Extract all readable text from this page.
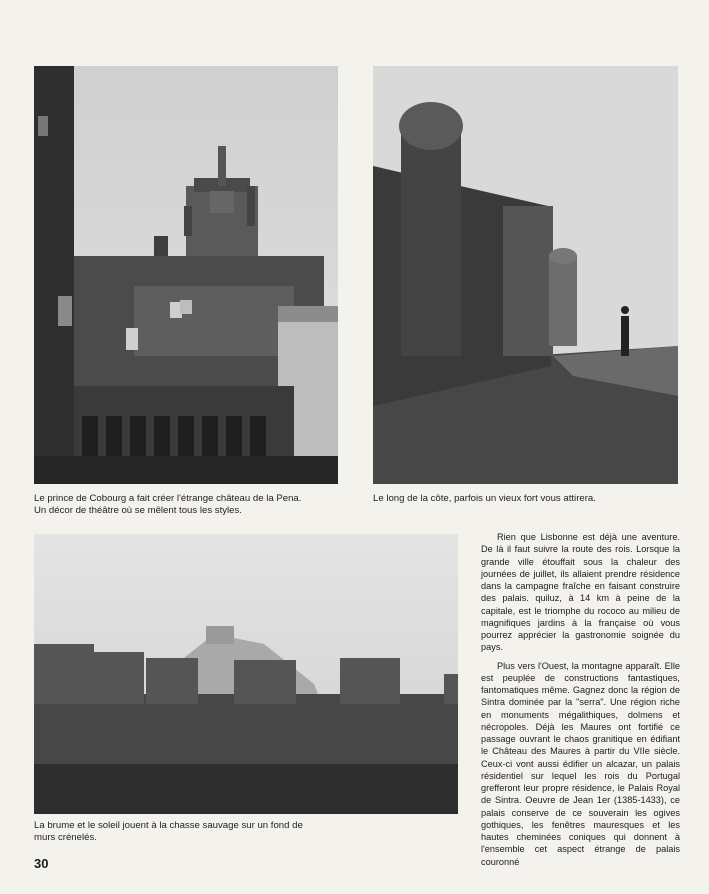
Le prince de Cobourg a fait créer l'étrange château de la Pena.
Un décor de théâtre où se mêlent tous les styles.
Le long de la côte, parfois un vieux fort vous attirera.
La brume et le soleil jouent à la chasse sauvage sur un fond de
murs crénelés.

Rien que Lisbonne est déjà une aventure. De là il faut suivre la route des rois. Lorsque la grande ville étouffait sous la chaleur des journées de juillet, ils allaient prendre résidence dans la campagne fraîche en faisant construire des palais. quiluz, à 14 km à peine de la capitale, est le triomphe du rococo au milieu de magnifiques jardins à la française où vous pourrez apprécier la gastronomie soignée du pays.

Plus vers l'Ouest, la montagne apparaît. Elle est peuplée de constructions fantastiques, fantomatiques même. Gagnez donc la région de Sintra dominée par la "serra". Une région riche en monuments mégalithiques, dolmens et nécropoles. Déjà les Maures ont fortifié ce passage ouvrant le chaos granitique en édifiant le Château des Maures à partir du VIIe siècle. Ceux-ci vont aussi édifier un alcazar, un palais résidentiel sur lequel les rois du Portugal grefferont leur propre résidence, le Palais Royal de Sintra. Oeuvre de Jean 1er (1385-1433), ce palais conserve de ce souverain les ogives gothiques, les fenêtres mauresques et les hautes cheminées coniques qui donnent à l'ensemble cet aspect étrange de palais couronné

30
